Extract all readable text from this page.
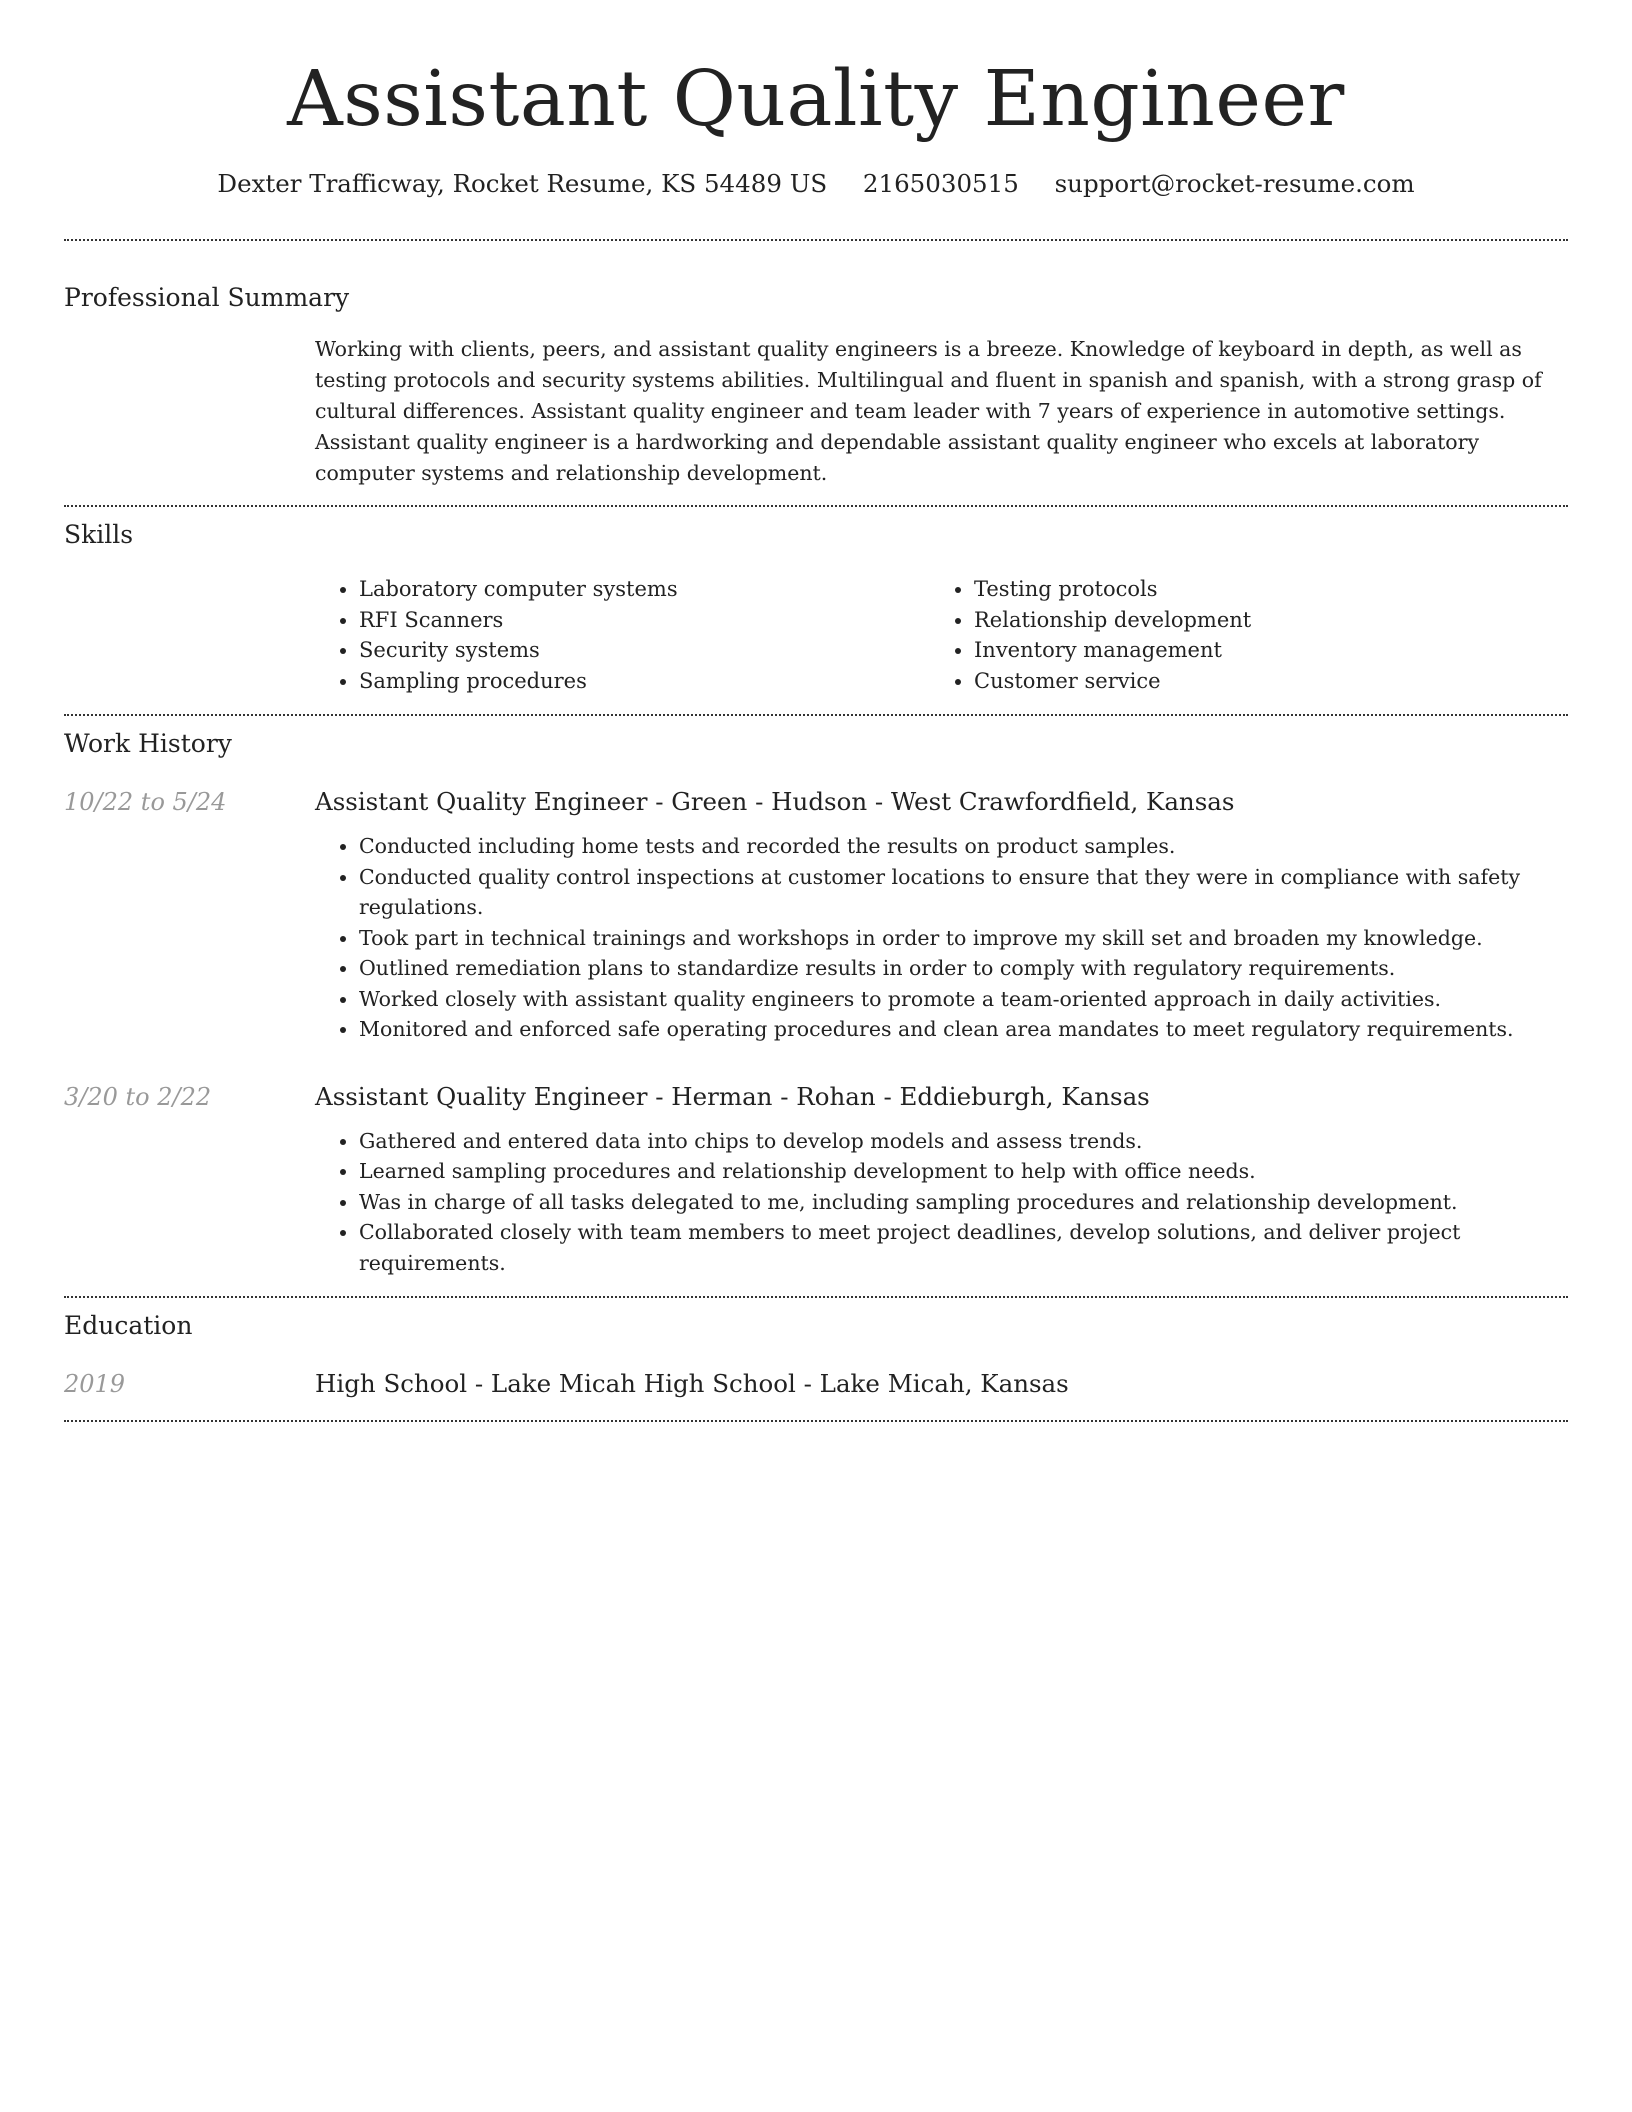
Assistant Quality Engineer
Dexter Trafficway, Rocket Resume, KS 54489 US 2165030515 support@rocket-resume.com
Professional Summary

Working with clients, peers, and assistant quality engineers is a breeze. Knowledge of keyboard in depth, as well as testing protocols and security systems abilities. Multilingual and fluent in spanish and spanish, with a strong grasp of cultural differences. Assistant quality engineer and team leader with 7 years of experience in automotive settings. Assistant quality engineer is a hardworking and dependable assistant quality engineer who excels at laboratory computer systems and relationship development.

Skills
• Laboratory computer systems
• RFI Scanners
• Security systems
• Sampling procedures
• Testing protocols
• Relationship development
• Inventory management
• Customer service
Work History
10/22 to 5/24	Assistant Quality Engineer - Green - Hudson - West Crawfordfield, Kansas
• Conducted including home tests and recorded the results on product samples.
• Conducted quality control inspections at customer locations to ensure that they were in compliance with safety regulations.
• Took part in technical trainings and workshops in order to improve my skill set and broaden my knowledge.
• Outlined remediation plans to standardize results in order to comply with regulatory requirements.
• Worked closely with assistant quality engineers to promote a team-oriented approach in daily activities.
• Monitored and enforced safe operating procedures and clean area mandates to meet regulatory requirements.
3/20 to 2/22	Assistant Quality Engineer - Herman - Rohan - Eddieburgh, Kansas
• Gathered and entered data into chips to develop models and assess trends.
• Learned sampling procedures and relationship development to help with office needs.
• Was in charge of all tasks delegated to me, including sampling procedures and relationship development.
• Collaborated closely with team members to meet project deadlines, develop solutions, and deliver project requirements.
Education
2019	High School - Lake Micah High School - Lake Micah, Kansas
